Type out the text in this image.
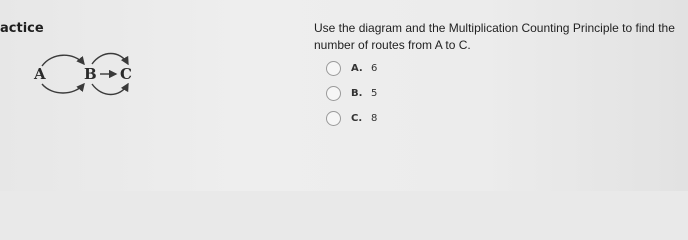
actice	Use the diagram and the Multiplication Counting Principle to find the number of routes from A to C.
A	B C	A. 6
B. 5
C. 8
